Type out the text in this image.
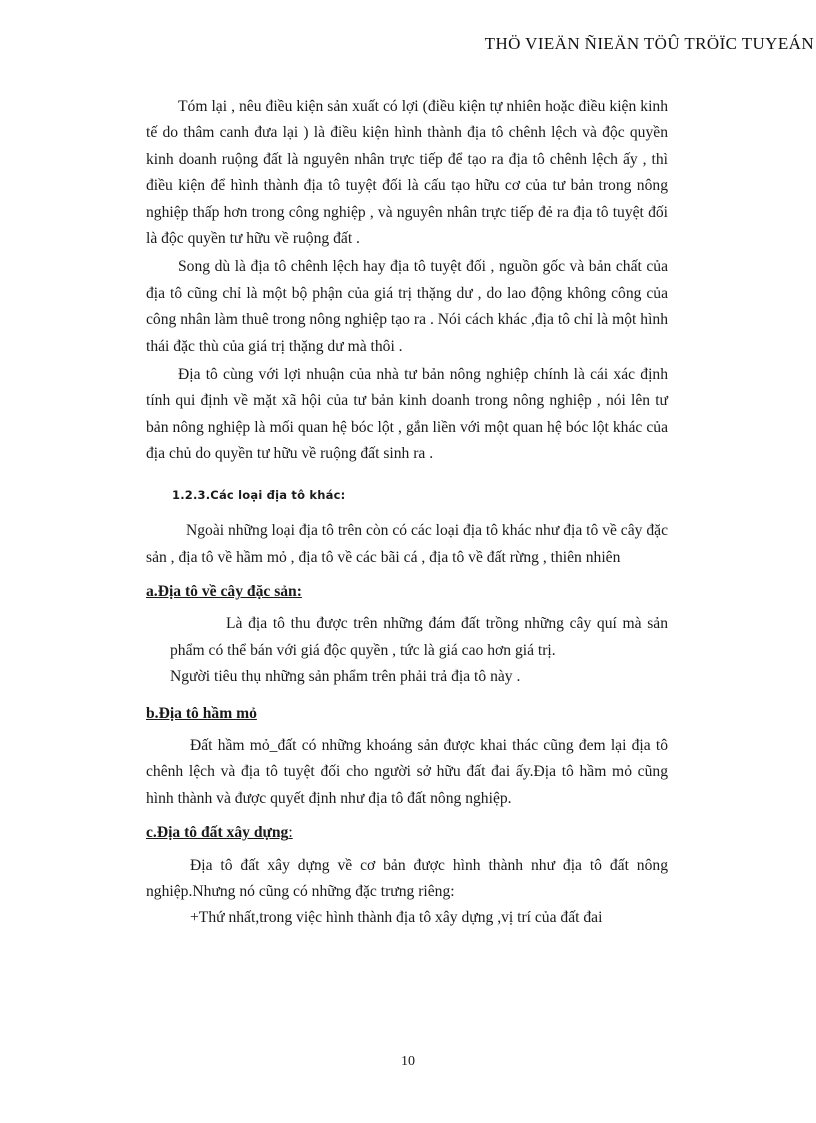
THÖ VIEÄN ÑIEÄN TÖÛ TRÖÏC TUYEÁN

Tóm lại , nêu điều kiện sản xuất có lợi (điều kiện tự nhiên hoặc điều kiện kinh tế do thâm canh đưa lại ) là điều kiện hình thành địa tô chênh lệch và độc quyền kinh doanh ruộng đất là nguyên nhân trực tiếp để tạo ra địa tô chênh lệch ấy , thì điều kiện để hình thành địa tô tuyệt đối là cấu tạo hữu cơ của tư bản trong nông nghiệp thấp hơn trong công nghiệp , và nguyên nhân trực tiếp đẻ ra địa tô tuyệt đối là độc quyền tư hữu về ruộng đất .

Song dù là địa tô chênh lệch hay địa tô tuyệt đối , nguồn gốc và bản chất của địa tô cũng chỉ là một bộ phận của giá trị thặng dư , do lao động không công của công nhân làm thuê trong nông nghiệp tạo ra . Nói cách khác ,địa tô chỉ là một hình thái đặc thù của giá trị thặng dư mà thôi .

Địa tô cùng với lợi nhuận của nhà tư bản nông nghiệp chính là cái xác định tính qui định về mặt xã hội của tư bản kinh doanh trong nông nghiệp , nói lên tư bản nông nghiệp là mối quan hệ bóc lột , gắn liền với một quan hệ bóc lột khác của địa chủ do quyền tư hữu về ruộng đất sinh ra .

1.2.3.Các loại địa tô khác:

Ngoài những loại địa tô trên còn có các loại địa tô khác như địa tô về cây đặc sản , địa tô về hầm mỏ , địa tô về các bãi cá , địa tô về đất rừng , thiên nhiên

a.Địa tô về cây đặc sản:

Là địa tô thu được trên những đám đất trồng những cây quí mà sản phẩm có thể bán với giá độc quyền , tức là giá cao hơn giá trị.

Người tiêu thụ những sản phẩm trên phải trả địa tô này .

b.Địa tô hầm mỏ

Đất hầm mỏ_đất có những khoáng sản được khai thác cũng đem lại địa tô chênh lệch và địa tô tuyệt đối cho người sở hữu đất đai ấy.Địa tô hầm mỏ cũng hình thành và được quyết định như địa tô đất nông nghiệp.

c.Địa tô đất xây dựng:

Địa tô đất xây dựng về cơ bản được hình thành như địa tô đất nông nghiệp.Nhưng nó cũng có những đặc trưng riêng:

+Thứ nhất,trong việc hình thành địa tô xây dựng ,vị trí của đất đai

10
